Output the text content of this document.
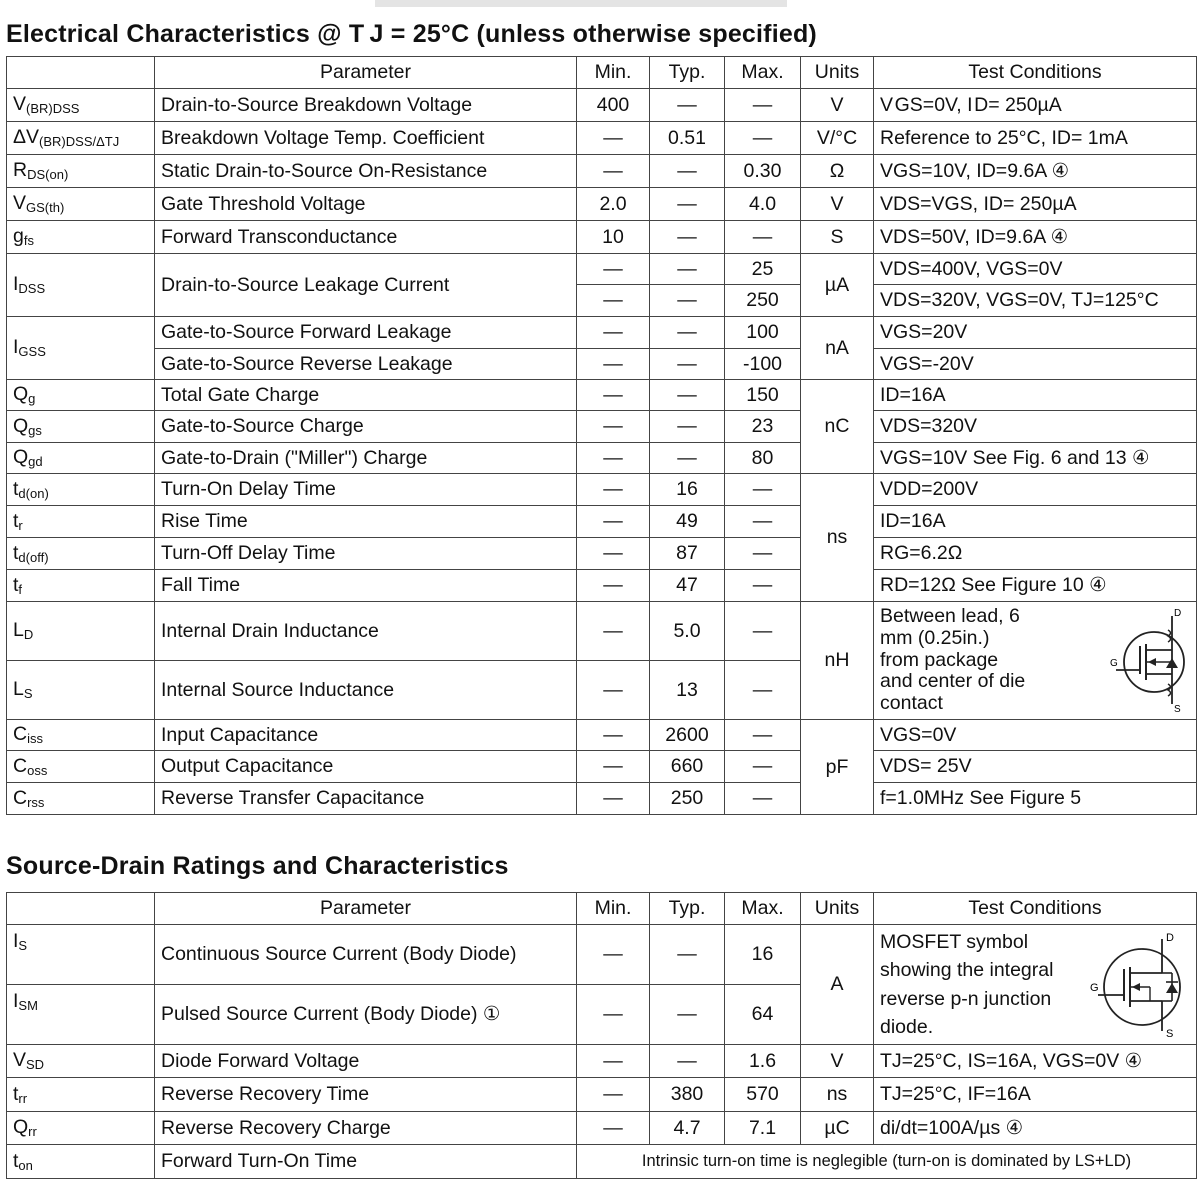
Electrical Characteristics @ T J = 25°C (unless otherwise specified)
	Parameter	Min.	Typ.	Max.	Units	Test Conditions
$V_{(BR)DSS}$	Drain-to-Source Breakdown Voltage	400	—	—	V	V GS=0V, I D= 250µA
$\Delta V_{(BR)DSS/\Delta TJ}$	Breakdown Voltage Temp. Coefficient	—	0.51	—	V/°C	Reference to 25°C, ID= 1mA
$R_{DS(on)}$	Static Drain-to-Source On-Resistance	—	—	0.30	Ω	VGS=10V, ID=9.6A ④
$V_{GS(th)}$	Gate Threshold Voltage	2.0	—	4.0	V	VDS=VGS, ID= 250µA
$g_{fs}$	Forward Transconductance	10	—	—	S	VDS=50V, ID=9.6A ④
$I_{DSS}$	Drain-to-Source Leakage Current	—	—	25	µA	VDS=400V, VGS=0V
		—	—	250		VDS=320V, VGS=0V, TJ=125°C
$I_{GSS}$	Gate-to-Source Forward Leakage	—	—	100	nA	VGS=20V
	Gate-to-Source Reverse Leakage	—	—	-100		VGS=-20V
$Q_g$	Total Gate Charge	—	—	150	nC	ID=16A
$Q_{gs}$	Gate-to-Source Charge	—	—	23		VDS=320V
$Q_{gd}$	Gate-to-Drain ("Miller") Charge	—	—	80		VGS=10V See Fig. 6 and 13 ④
$t_{d(on)}$	Turn-On Delay Time	—	16	—	ns	VDD=200V
$t_r$	Rise Time	—	49	—		ID=16A
$t_{d(off)}$	Turn-Off Delay Time	—	87	—		RG=6.2Ω
$t_f$	Fall Time	—	47	—		RD=12Ω See Figure 10 ④
$L_D$	Internal Drain Inductance	—	5.0	—	nH	Between lead, 6 mm (0.25in.) from package and center of die contact
D
G
S

$L_S$	Internal Source Inductance	—	13	—		
$C_{iss}$	Input Capacitance	—	2600	—	pF	VGS=0V
$C_{oss}$	Output Capacitance	—	660	—		VDS= 25V
$C_{rss}$	Reverse Transfer Capacitance	—	250	—		f=1.0MHz See Figure 5
Source-Drain Ratings and Characteristics
	Parameter	Min.	Typ.	Max.	Units	Test Conditions
$I_S$	Continuous Source Current (Body Diode)	—	—	16	A	MOSFET symbol showing the integral reverse p-n junction diode.
D
G
S

$I_{SM}$	Pulsed Source Current (Body Diode) ①	—	—	64		
$V_{SD}$	Diode Forward Voltage	—	—	1.6	V	TJ=25°C, IS=16A, VGS=0V ④
$t_{rr}$	Reverse Recovery Time	—	380	570	ns	TJ=25°C, IF=16A
$Q_{rr}$	Reverse Recovery Charge	—	4.7	7.1	µC	di/dt=100A/µs ④
$t_{on}$	Forward Turn-On Time	Intrinsic turn-on time is neglegible (turn-on is dominated by LS+LD)				
